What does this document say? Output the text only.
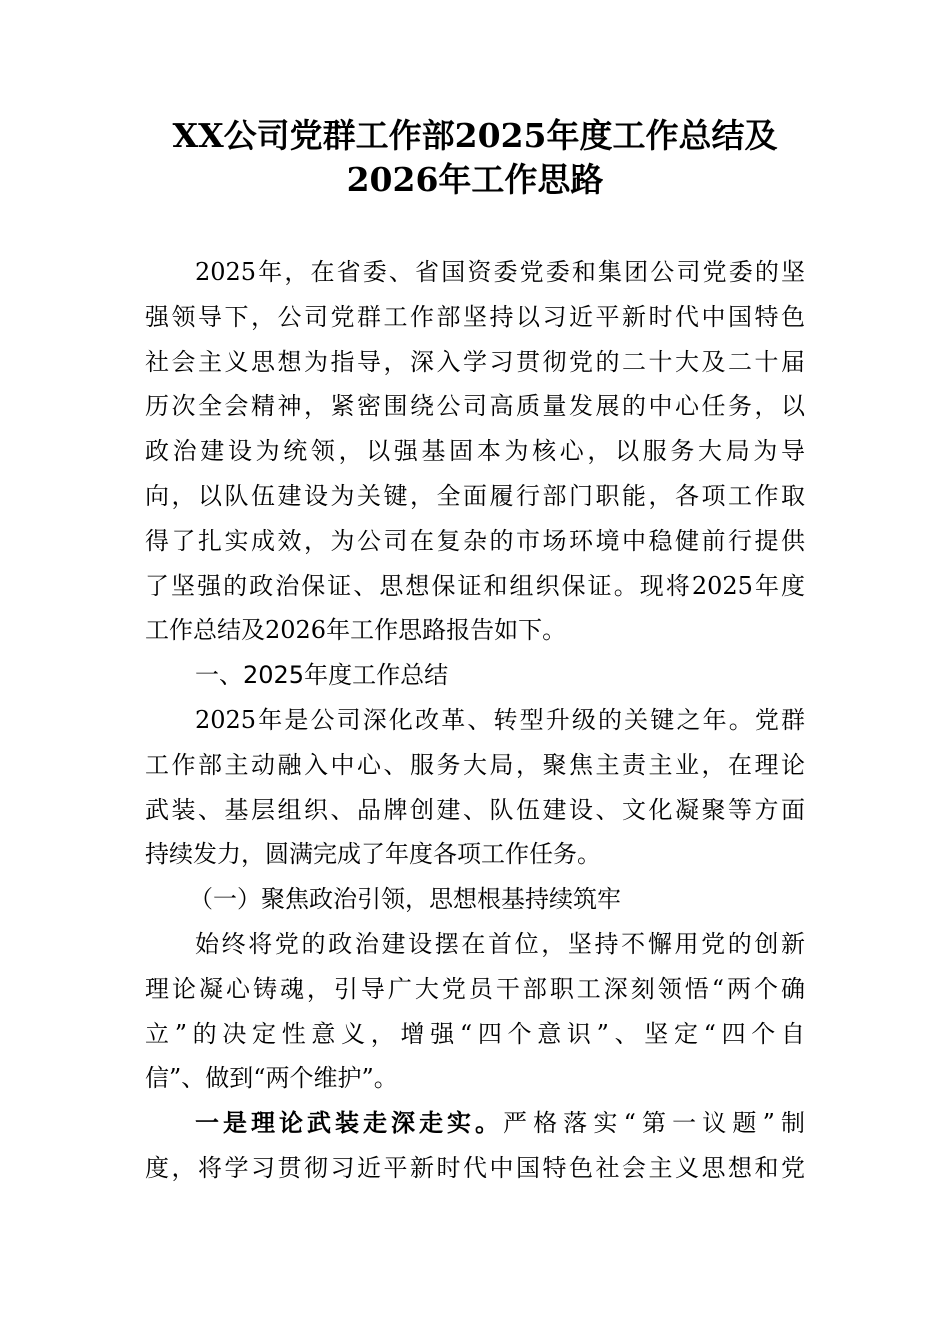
XX公司党群工作部2025年度工作总结及
2026年工作思路
2025年，在省委、省国资委党委和集团公司党委的坚
强领导下，公司党群工作部坚持以习近平新时代中国特色
社会主义思想为指导，深入学习贯彻党的二十大及二十届
历次全会精神，紧密围绕公司高质量发展的中心任务，以
政治建设为统领，以强基固本为核心，以服务大局为导
向，以队伍建设为关键，全面履行部门职能，各项工作取
得了扎实成效，为公司在复杂的市场环境中稳健前行提供
了坚强的政治保证、思想保证和组织保证。现将2025年度
工作总结及2026年工作思路报告如下。
一、2025年度工作总结
2025年是公司深化改革、转型升级的关键之年。党群
工作部主动融入中心、服务大局，聚焦主责主业，在理论
武装、基层组织、品牌创建、队伍建设、文化凝聚等方面
持续发力，圆满完成了年度各项工作任务。
（一）聚焦政治引领，思想根基持续筑牢
始终将党的政治建设摆在首位，坚持不懈用党的创新
理论凝心铸魂，引导广大党员干部职工深刻领悟“两个确
立”的决定性意义，增强“四个意识”、坚定“四个自
信”、做到“两个维护”。
一是理论武装走深走实。 严格落实“第一议题”制
度，将学习贯彻习近平新时代中国特色社会主义思想和党
